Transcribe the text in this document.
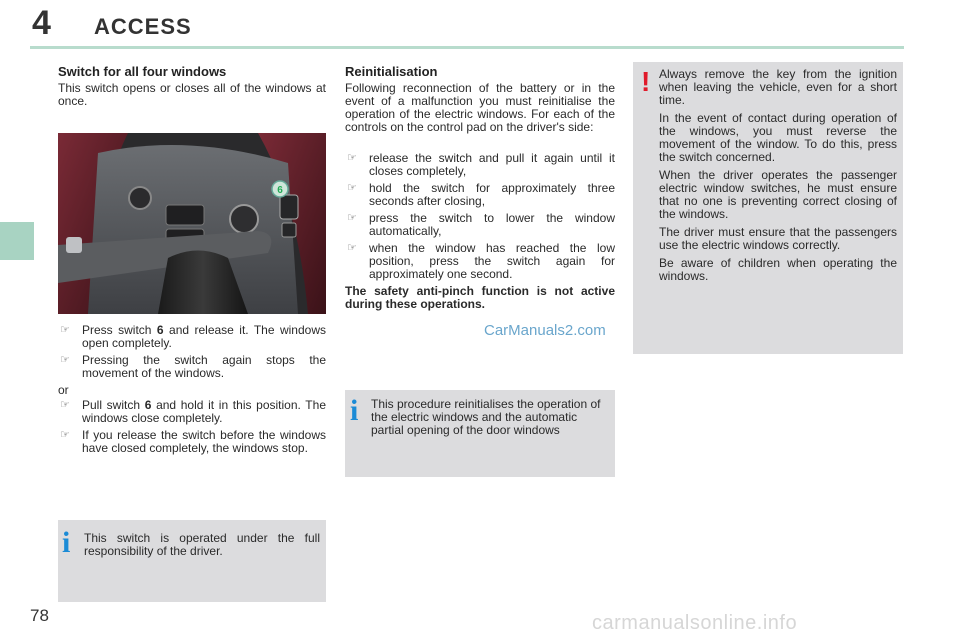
4 ACCESS
Switch for all four windows

This switch opens or closes all of the windows at once.

6
☞ Press switch 6 and release it. The windows open completely.
☞ Pressing the switch again stops the movement of the windows.
or
☞ Pull switch 6 and hold it in this position. The windows close completely.
☞ If you release the switch before the windows have closed completely, the windows stop.
i This switch is operated under the full responsibility of the driver.

Reinitialisation

Following reconnection of the battery or in the event of a malfunction you must reinitialise the operation of the electric windows. For each of the controls on the control pad on the driver's side:

☞ release the switch and pull it again until it closes completely,
☞ hold the switch for approximately three seconds after closing,
☞ press the switch to lower the window automatically,
☞ when the window has reached the low position, press the switch again for approximately one second.

The safety anti-pinch function is not active during these operations.

CarManuals2.com
i This procedure reinitialises the operation of the electric windows and the automatic partial opening of the door windows

! Always remove the key from the ignition when leaving the vehicle, even for a short time.

In the event of contact during operation of the windows, you must reverse the movement of the window. To do this, press the switch concerned.

When the driver operates the passenger electric window switches, he must ensure that no one is preventing correct closing of the windows.

The driver must ensure that the passengers use the electric windows correctly.

Be aware of children when operating the windows.

78	carmanualsonline.info
